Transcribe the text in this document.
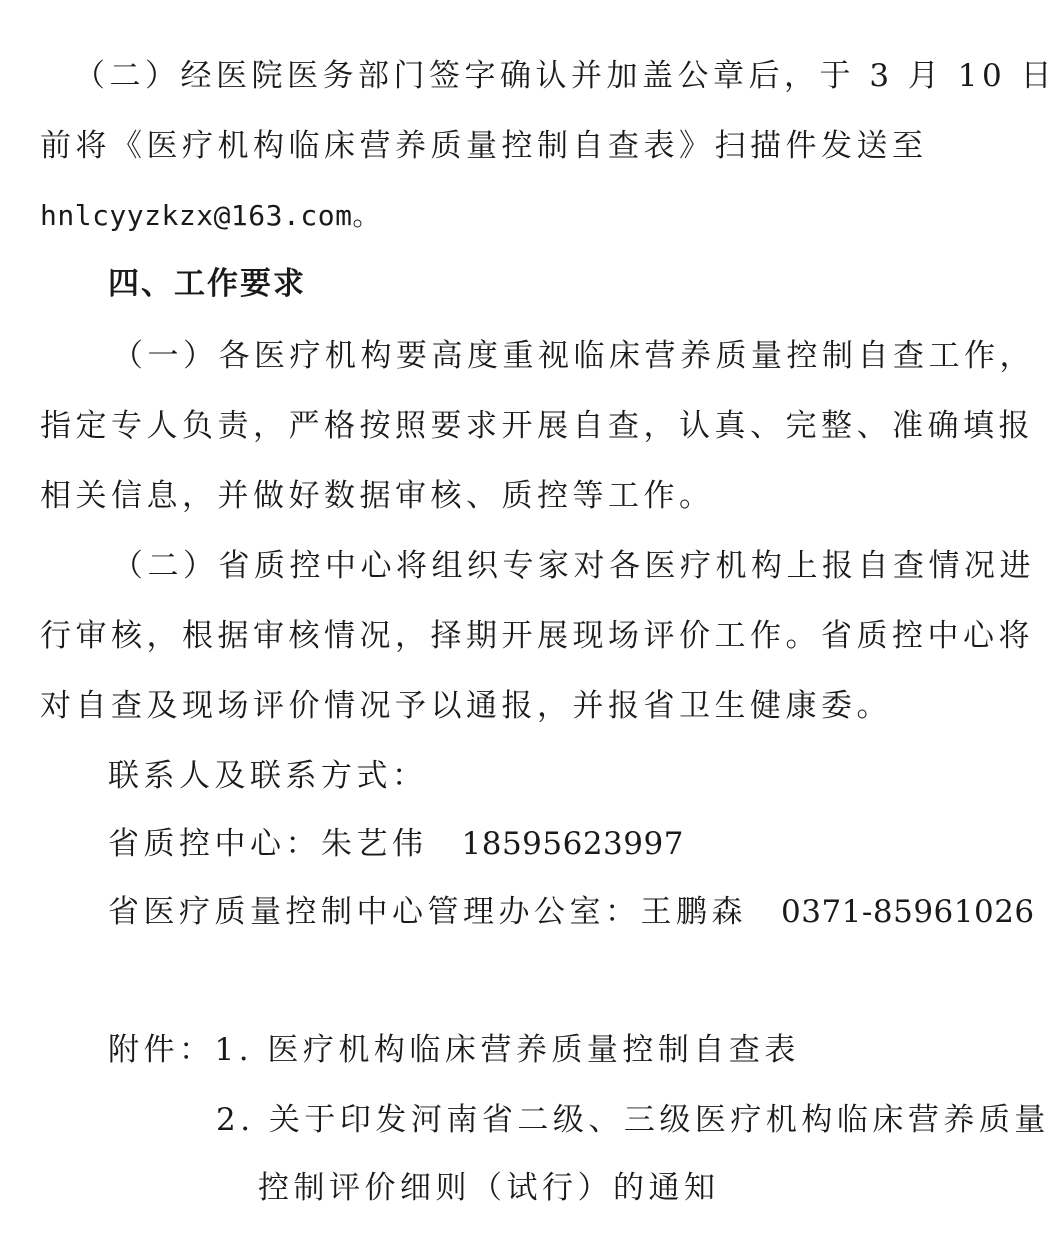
（二）经医院医务部门签字确认并加盖公章后，于 3 月 10 日
前将《医疗机构临床营养质量控制自查表》扫描件发送至
hnlcyyzkzx@163.com。
四、工作要求
（一）各医疗机构要高度重视临床营养质量控制自查工作，
指定专人负责，严格按照要求开展自查，认真、完整、准确填报
相关信息，并做好数据审核、质控等工作。
（二）省质控中心将组织专家对各医疗机构上报自查情况进
行审核，根据审核情况，择期开展现场评价工作。省质控中心将
对自查及现场评价情况予以通报，并报省卫生健康委。
联系人及联系方式：
省质控中心：朱艺伟 18595623997
省医疗质量控制中心管理办公室：王鹏森 0371-85961026
附件：1. 医疗机构临床营养质量控制自查表
2. 关于印发河南省二级、三级医疗机构临床营养质量
控制评价细则（试行）的通知
